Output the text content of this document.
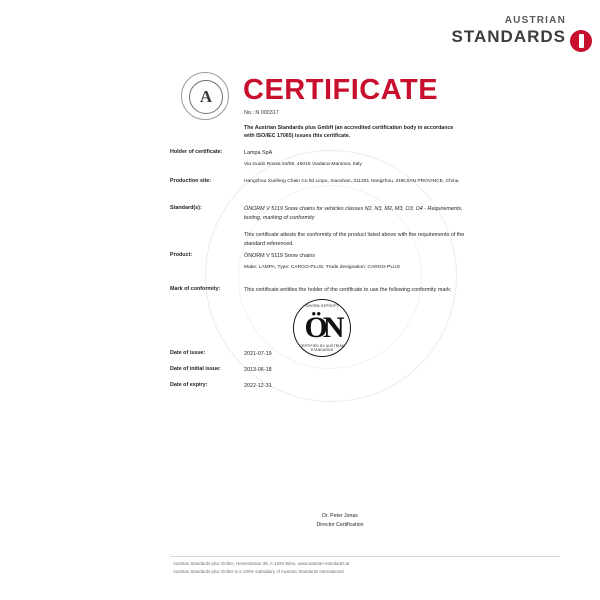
AUSTRIAN
STANDARDS
A	CERTIFICATE
No.: N 000317
The Austrian Standards plus GmbH (an accredited certification body in accordance with ISO/IEC 17065) issues this certificate.
Holder of certificate:	Lampa SpA
Via Guido Rossa 53/55, 46019 Viadana-Mantova, Italy
Production site:	Hangzhou Xuefeng Chain Co ltd Linpu, Xiaoshan, 311251 Hangzhou, ZHEJIAN PROVINCE, China
Standard(s):	ÖNORM V 5119 Snow chains for vehicles classes N2, N3, M2, M3, O3, O4 - Requirements, testing, marking of conformity
This certificate attests the conformity of the product listed above with the requirements of the standard referenced.
Product:	ÖNORM V 5119 Snow chains
Make: LAMPA, Type: CARGO-PLUS, Trade designation: CARGO-PLUS
Mark of conformity:	This certificate entitles the holder of the certificate to use the following conformity mark:
ÖNORM GEPRÜFT
ÖN
CERTIFIED BY AUSTRIAN STANDARDS
Date of issue:	2021-07-19
Date of initial issue:	2013-06-18
Date of expiry:	2022-12-31
Dr. Peter Jonas
Director Certification
Austrian Standards plus GmbH, Heinestrasse 38, A-1020 Wien, www.austrian-standards.at
Austrian Standards plus GmbH is a 100% subsidiary of Austrian Standards International
